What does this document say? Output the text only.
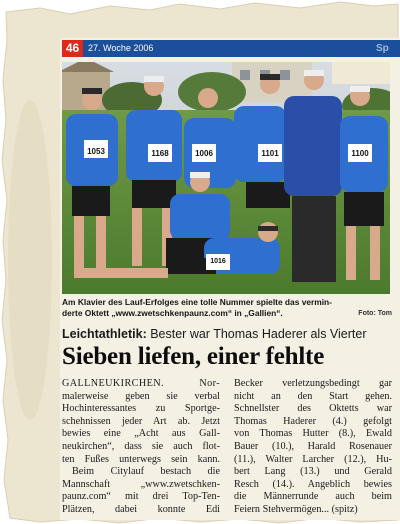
46 27. Woche 2006	Sp
1053	1168	1006	1101	1100
1016
Am Klavier des Lauf-Erfolges eine tolle Nummer spielte das vermin-
derte Oktett „www.zwetschkenpaunz.com“ in „Gallien“.	Foto: Tom
Leichtathletik: Bester war Thomas Haderer als Vierter
Sieben liefen, einer fehlte
GALLNEUKIRCHEN. Nor-
malerweise geben sie verbal
Hochinteressantes zu Sportge-
schehnissen jeder Art ab. Jetzt
bewies eine „Acht aus Gall-
neukirchen“, dass sie auch flot-
ten Fußes unterwegs sein kann.
Beim Citylauf bestach die
Mannschaft „www.zwetschken-
paunz.com“ mit drei Top-Ten-
Plätzen, dabei konnte Edi
Becker verletzungsbedingt gar
nicht an den Start gehen.
Schnellster des Oktetts war
Thomas Haderer (4.) gefolgt
von Thomas Hutter (8.), Ewald
Bauer (10.), Harald Rosenauer
(11.), Walter Larcher (12.), Hu-
bert Lang (13.) und Gerald
Resch (14.). Angeblich bewies
die Männerrunde auch beim
Feiern Stehvermögen... (spitz)
